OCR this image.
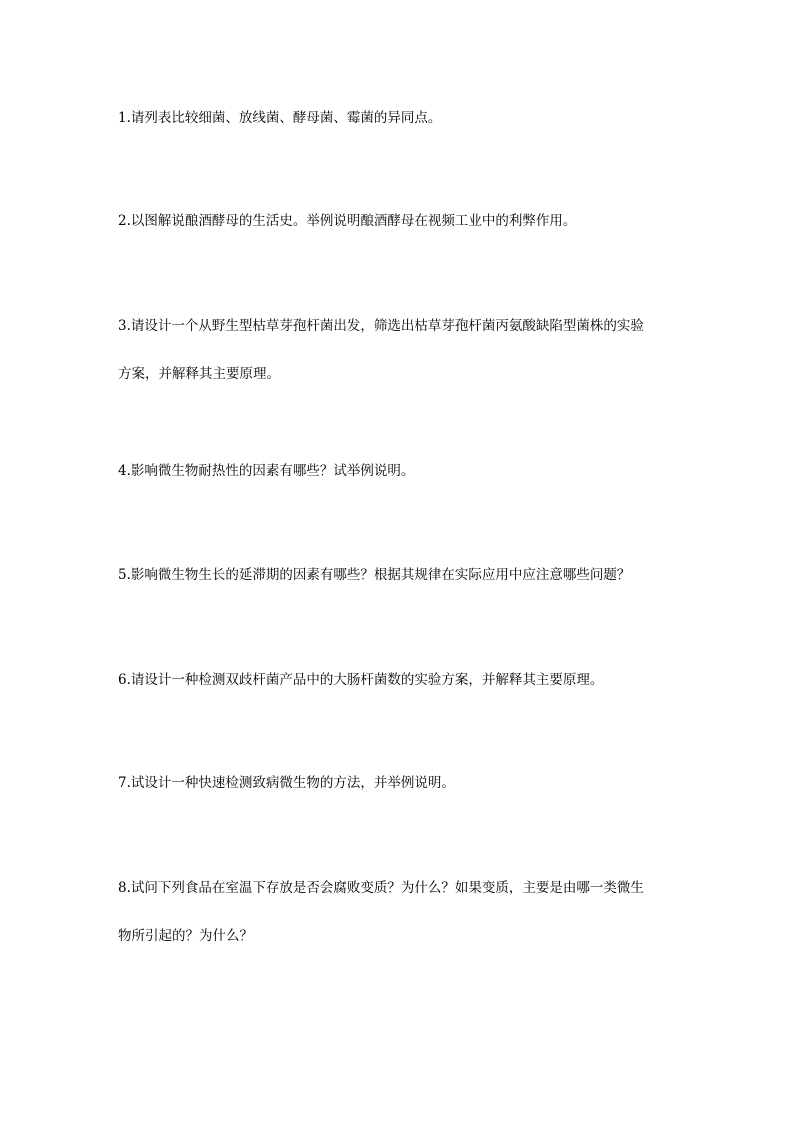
1.请列表比较细菌、放线菌、酵母菌、霉菌的异同点。

2.以图解说酿酒酵母的生活史。举例说明酿酒酵母在视频工业中的利弊作用。

3.请设计一个从野生型枯草芽孢杆菌出发，筛选出枯草芽孢杆菌丙氨酸缺陷型菌株的实验
方案，并解释其主要原理。

4.影响微生物耐热性的因素有哪些？试举例说明。

5.影响微生物生长的延滞期的因素有哪些？根据其规律在实际应用中应注意哪些问题？

6.请设计一种检测双歧杆菌产品中的大肠杆菌数的实验方案，并解释其主要原理。

7.试设计一种快速检测致病微生物的方法，并举例说明。

8.试问下列食品在室温下存放是否会腐败变质？为什么？如果变质，主要是由哪一类微生
物所引起的？为什么？
